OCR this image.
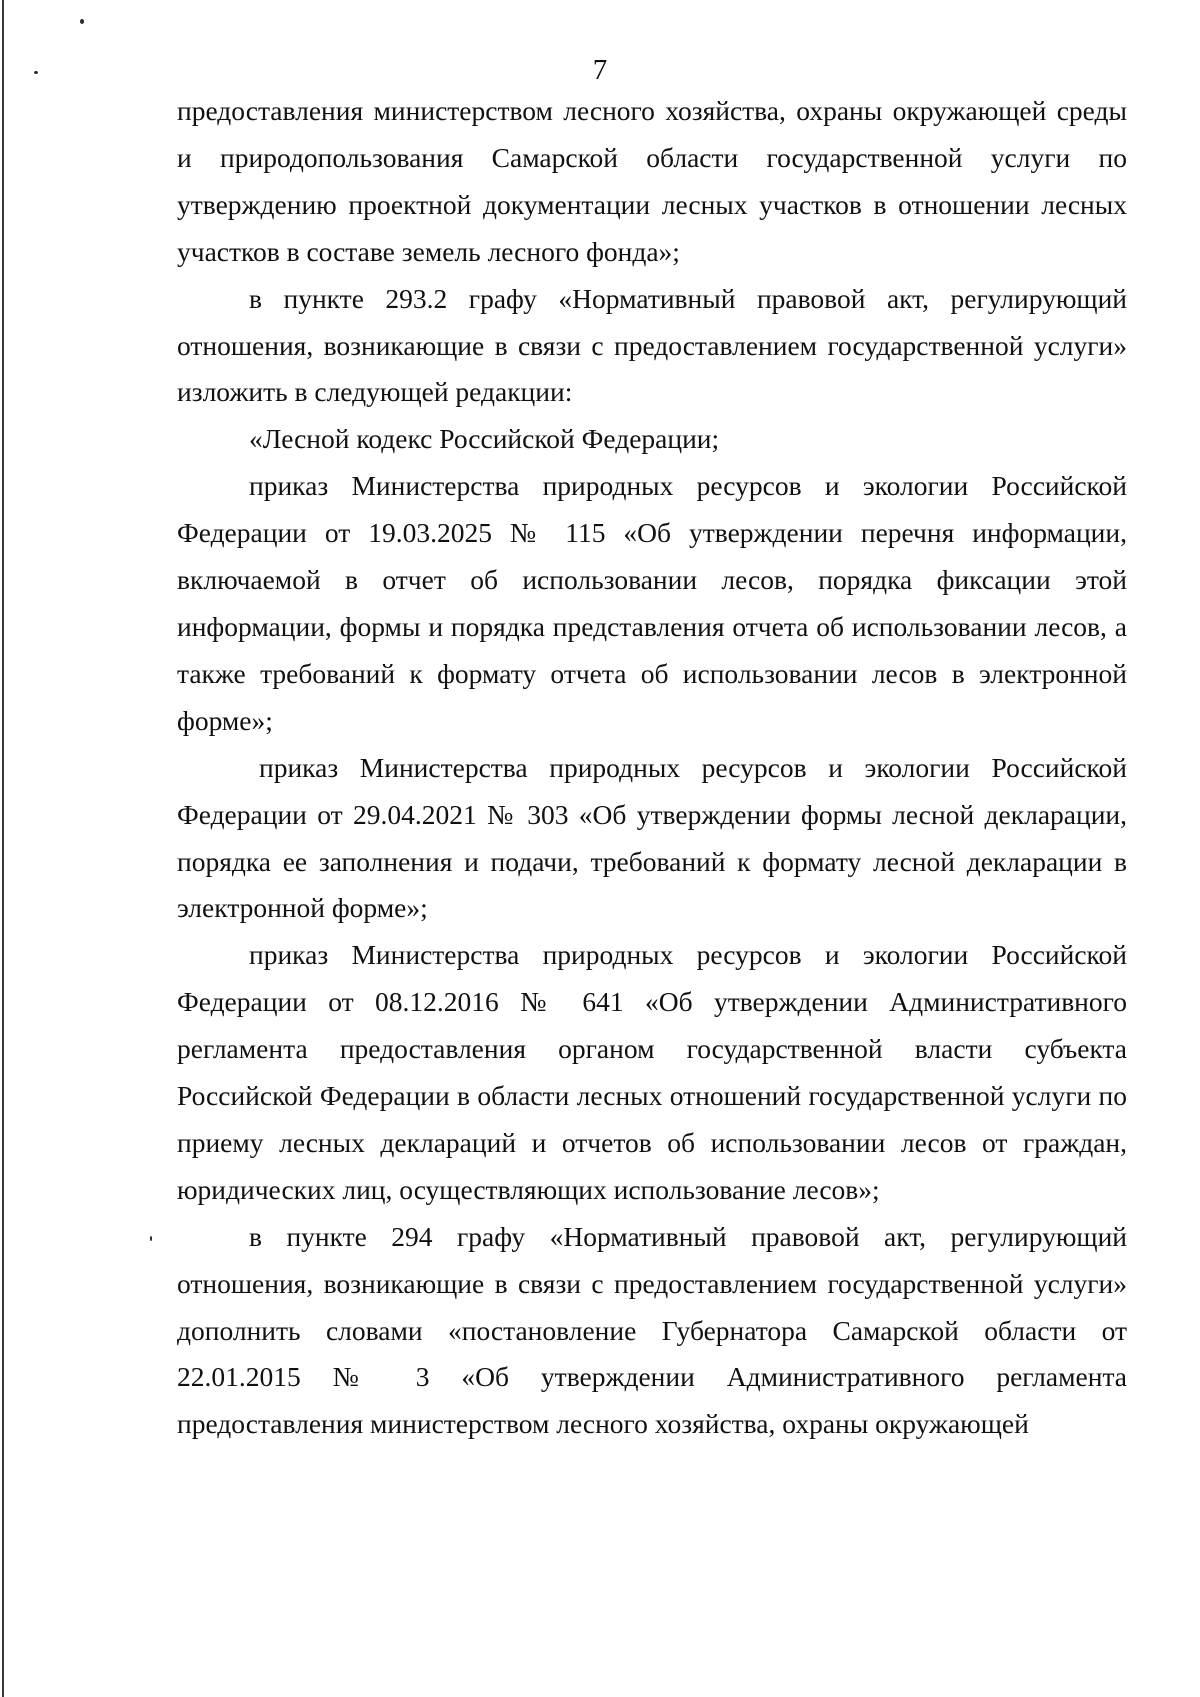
7

предоставления министерством лесного хозяйства, охраны окружающей среды и природопользования Самарской области государственной услуги по утверждению проектной документации лесных участков в отношении лесных участков в составе земель лесного фонда»;

в пункте 293.2 графу «Нормативный правовой акт, регулирующий отношения, возникающие в связи с предоставлением государственной услуги» изложить в следующей редакции:

«Лесной кодекс Российской Федерации;

приказ Министерства природных ресурсов и экологии Российской Федерации от 19.03.2025 № 115 «Об утверждении перечня информации, включаемой в отчет об использовании лесов, порядка фиксации этой информации, формы и порядка представления отчета об использовании лесов, а также требований к формату отчета об использовании лесов в электронной форме»;

приказ Министерства природных ресурсов и экологии Российской Федерации от 29.04.2021 № 303 «Об утверждении формы лесной декларации, порядка ее заполнения и подачи, требований к формату лесной декларации в электронной форме»;

приказ Министерства природных ресурсов и экологии Российской Федерации от 08.12.2016 № 641 «Об утверждении Административного регламента предоставления органом государственной власти субъекта Российской Федерации в области лесных отношений государственной услуги по приему лесных деклараций и отчетов об использовании лесов от граждан, юридических лиц, осуществляющих использование лесов»;

в пункте 294 графу «Нормативный правовой акт, регулирующий отношения, возникающие в связи с предоставлением государственной услуги» дополнить словами «постановление Губернатора Самарской области от 22.01.2015 № 3 «Об утверждении Административного регламента предоставления министерством лесного хозяйства, охраны окружающей
